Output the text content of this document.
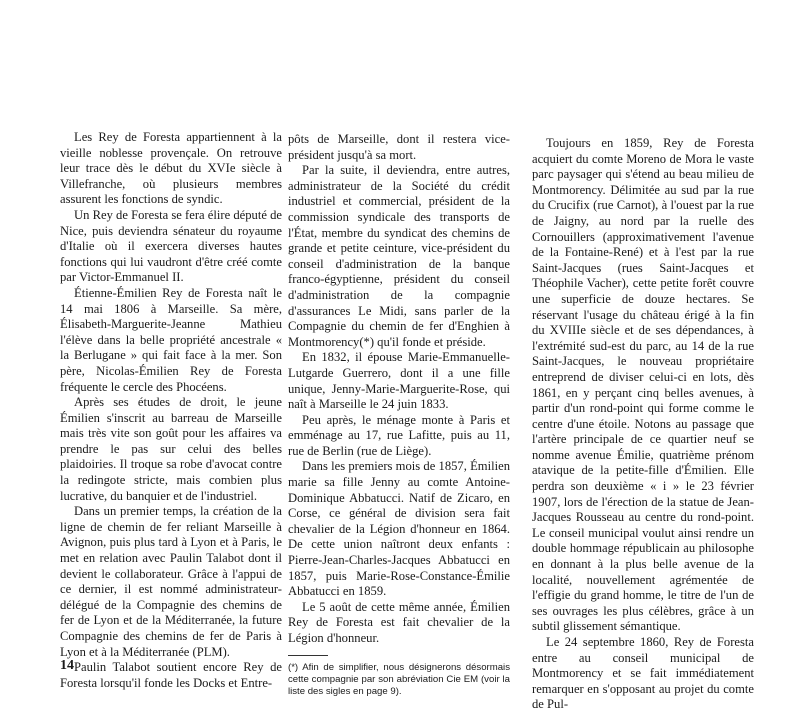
Les Rey de Foresta appartiennent à la vieille noblesse provençale. On retrouve leur trace dès le début du XVIe siècle à Villefranche, où plusieurs membres assurent les fonctions de syndic.

Un Rey de Foresta se fera élire député de Nice, puis deviendra sénateur du royaume d'Italie où il exercera diverses hautes fonctions qui lui vaudront d'être créé comte par Victor-Emmanuel II.

Étienne-Émilien Rey de Foresta naît le 14 mai 1806 à Marseille. Sa mère, Élisabeth-Marguerite-Jeanne Mathieu l'élève dans la belle propriété ancestrale « la Berlugane » qui fait face à la mer. Son père, Nicolas-Émilien Rey de Foresta fréquente le cercle des Phocéens.

Après ses études de droit, le jeune Émilien s'inscrit au barreau de Marseille mais très vite son goût pour les affaires va prendre le pas sur celui des belles plaidoiries. Il troque sa robe d'avocat contre la redingote stricte, mais combien plus lucrative, du banquier et de l'industriel.

Dans un premier temps, la création de la ligne de chemin de fer reliant Marseille à Avignon, puis plus tard à Lyon et à Paris, le met en relation avec Paulin Talabot dont il devient le collaborateur. Grâce à l'appui de ce dernier, il est nommé administrateur-délégué de la Compagnie des chemins de fer de Lyon et de la Méditerranée, la future Compagnie des chemins de fer de Paris à Lyon et à la Méditerranée (PLM).

Paulin Talabot soutient encore Rey de Foresta lorsqu'il fonde les Docks et Entre-

pôts de Marseille, dont il restera vice-président jusqu'à sa mort.

Par la suite, il deviendra, entre autres, administrateur de la Société du crédit industriel et commercial, président de la commission syndicale des transports de l'État, membre du syndicat des chemins de grande et petite ceinture, vice-président du conseil d'administration de la banque franco-égyptienne, président du conseil d'administration de la compagnie d'assurances Le Midi, sans parler de la Compagnie du chemin de fer d'Enghien à Montmorency(*) qu'il fonde et préside.

En 1832, il épouse Marie-Emmanuelle-Lutgarde Guerrero, dont il a une fille unique, Jenny-Marie-Marguerite-Rose, qui naît à Marseille le 24 juin 1833.

Peu après, le ménage monte à Paris et emménage au 17, rue Lafitte, puis au 11, rue de Berlin (rue de Liège).

Dans les premiers mois de 1857, Émilien marie sa fille Jenny au comte Antoine-Dominique Abbatucci. Natif de Zicaro, en Corse, ce général de division sera fait chevalier de la Légion d'honneur en 1864. De cette union naîtront deux enfants : Pierre-Jean-Charles-Jacques Abbatucci en 1857, puis Marie-Rose-Constance-Émilie Abbatucci en 1859.

Le 5 août de cette même année, Émilien Rey de Foresta est fait chevalier de la Légion d'honneur.

(*) Afin de simplifier, nous désignerons désormais cette compagnie par son abréviation Cie EM (voir la liste des sigles en page 9).

Toujours en 1859, Rey de Foresta acquiert du comte Moreno de Mora le vaste parc paysager qui s'étend au beau milieu de Montmorency. Délimitée au sud par la rue du Crucifix (rue Carnot), à l'ouest par la rue de Jaigny, au nord par la ruelle des Cornouillers (approximativement l'avenue de la Fontaine-René) et à l'est par la rue Saint-Jacques (rues Saint-Jacques et Théophile Vacher), cette petite forêt couvre une superficie de douze hectares. Se réservant l'usage du château érigé à la fin du XVIIIe siècle et de ses dépendances, à l'extrémité sud-est du parc, au 14 de la rue Saint-Jacques, le nouveau propriétaire entreprend de diviser celui-ci en lots, dès 1861, en y perçant cinq belles avenues, à partir d'un rond-point qui forme comme le centre d'une étoile. Notons au passage que l'artère principale de ce quartier neuf se nomme avenue Émilie, quatrième prénom atavique de la petite-fille d'Émilien. Elle perdra son deuxième « i » le 23 février 1907, lors de l'érection de la statue de Jean-Jacques Rousseau au centre du rond-point. Le conseil municipal voulut ainsi rendre un double hommage républicain au philosophe en donnant à la plus belle avenue de la localité, nouvellement agrémentée de l'effigie du grand homme, le titre de l'un de ses ouvrages les plus célèbres, grâce à un subtil glissement sémantique.

Le 24 septembre 1860, Rey de Foresta entre au conseil municipal de Montmorency et se fait immédiatement remarquer en s'opposant au projet du comte de Pul-

14
